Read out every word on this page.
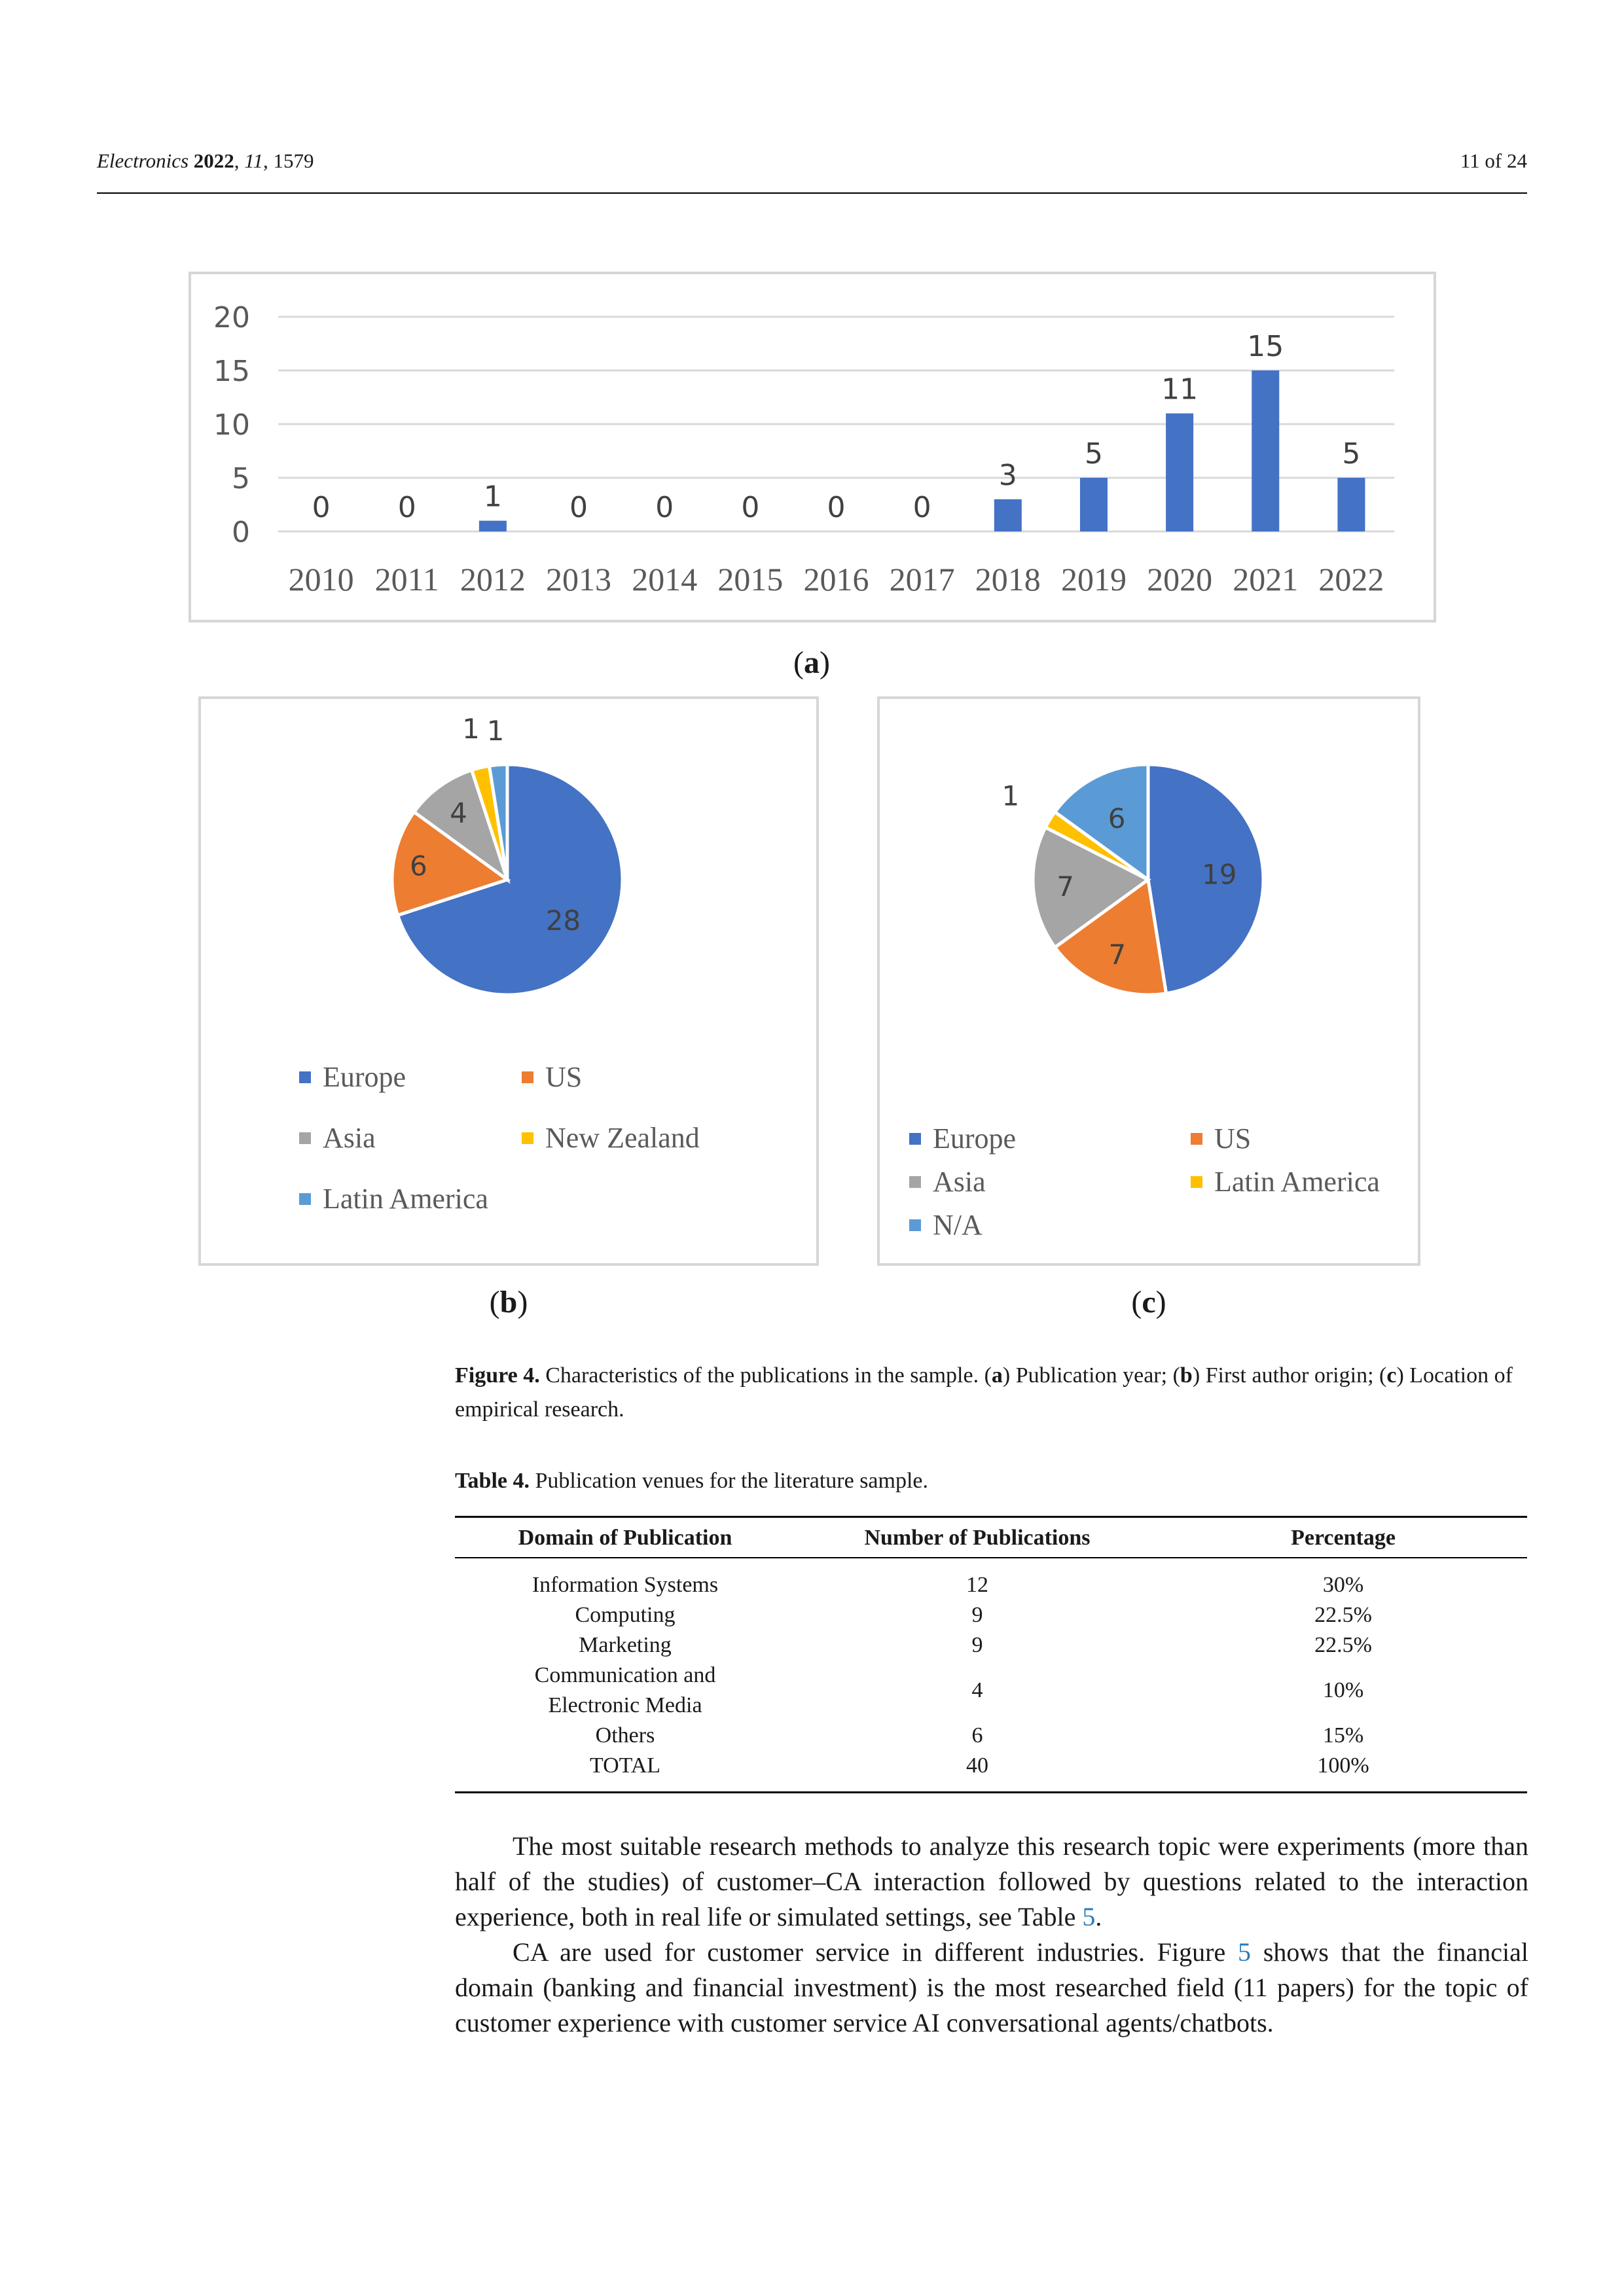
Electronics 2022, 11, 1579	11 of 24
0
5
10
15
20
0
2010
0
2011
1
2012
0
2013
0
2014
0
2015
0
2016
0
2017
3
2018
5
2019
11
2020
15
2021
5
2022
(a)
28
6
4
1 1
Europe	US
Asia	New Zealand
Latin America
(b)
19
7
7
1
6
Europe	US
Asia	Latin America
N/A
(c)
Figure 4. Characteristics of the publications in the sample. (a) Publication year; (b) First author origin; (c) Location of empirical research.
Table 4. Publication venues for the literature sample.
Domain of Publication	Number of Publications	Percentage
Information Systems	12	30%
Computing	9	22.5%
Marketing	9	22.5%
Communication and
Electronic Media	4	10%
Others	6	15%
TOTAL	40	100%

The most suitable research methods to analyze this research topic were experiments (more than half of the studies) of customer–CA interaction followed by questions related to the interaction experience, both in real life or simulated settings, see Table 5.

CA are used for customer service in different industries. Figure 5 shows that the financial domain (banking and financial investment) is the most researched field (11 papers) for the topic of customer experience with customer service AI conversational agents/chatbots.
